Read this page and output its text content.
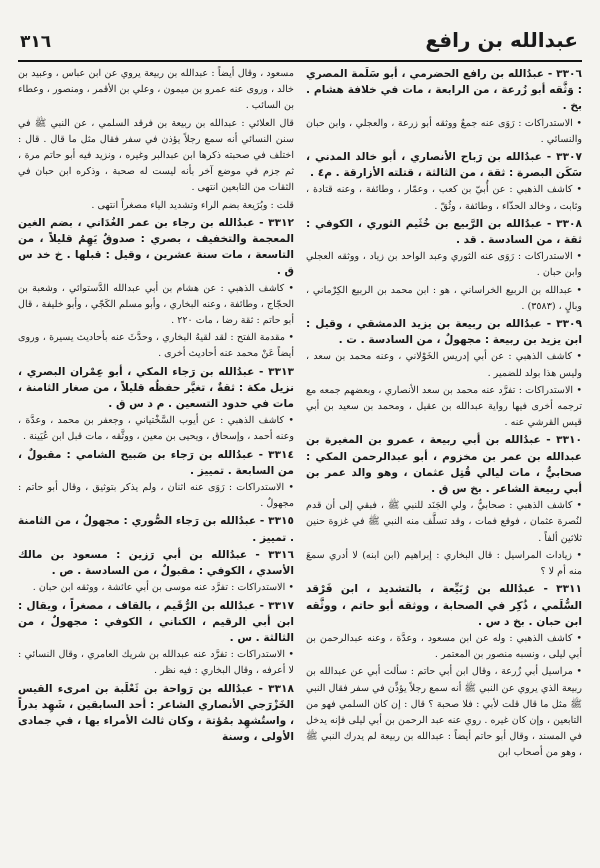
عبدالله بن رافع
٣١٦

٣٣٠٦ - عبدُالله بن رافع الحضرمي ، أبو سَلَمة المصري : وَثَّقه أبو زُرعة ، من الرابعة ، مات في خلافة هشام . بخ .

• الاستدراكات : رَوَى عنه جمعٌ ووثقه أبو زرعة ، والعجلي ، وابن حبان والنسائي .

٣٣٠٧ - عبدُالله بن رَباح الأنصاري ، أبو خالد المدني ، سَكَن البصرة : ثقة ، من الثالثة ، قتلته الأزارقة . م٤ .

• كاشف الذهبي : عن أُبيّ بن كعب ، وعمّار ، وطائفة ، وعنه قتادة ، وثابت ، وخالد الحذّاء ، وطائفة ، وثُقّ .

٣٣٠٨ - عبدُالله بن الرَّبيع بن خُثَيم الثوري ، الكوفي : ثقة ، من السادسة . قد .

• الاستدراكات : رَوَى عنه الثوري وعبد الواحد بن زياد ، ووثقه العجلي وابن حبان .

• عبدالله بن الربيع الخراساني ، هو : ابن محمد بن الربيع الكِرْماني ، وبالٍ ، (٣٥٨٣) .

٣٣٠٩ - عبدُالله بن ربيعة بن يزيد الدمشقي ، وقيل : ابن يزيد بن ربيعة : مجهولٌ ، من السادسة . ت .

• كاشف الذهبي : عن أبي إدريس الخَوْلاني ، وعنه محمد بن سعد ، وليس هذا بولد للضمير .

• الاستدراكات : تفرَّد عنه محمد بن سعد الأنصاري ، وبعضهم جمعه مع ترجمه أخرى فيها رواية عبدالله بن عقيل ، ومحمد بن سعيد بن أبي قيس القرشي عنه .

٣٣١٠ - عبدُالله بن أبي ربيعة ، عمرو بن المغيرة بن عبدالله بن عمر بن مخزوم ، أبو عبدالرحمن المكي : صحابيٌّ ، مات ليالي قُتِل عثمان ، وهو والد عمر بن أبي ربيعة الشاعر . بخ س ق .

• كاشف الذهبي : صحابيٌّ ، ولي الجَنَد للنبي ﷺ ، فبقي إلى أن قدم لنُصرة عثمان ، فوقع فمات ، وقد تسلَّف منه النبي ﷺ في غزوة حنين ثلاثين ألفاً .

• زيادات المراسيل : قال البخاري : إبراهيم (ابن ابنه) لا أدري سمعَ منه أم لا ؟

٣٣١١ - عبدُالله بن رُبَيِّعة ، بالتشديد ، ابن فَرْقد السُّلَمي ، ذُكِر في الصحابة ، ووثقه أبو حاتم ، ووثَّقه ابن حبان . بخ د س .

• كاشف الذهبي : وله عن ابن مسعود ، وعدَّة ، وعنه عبدالرحمن بن أبي ليلى ، ونسبه منصور بن المعتمر .

• مراسيل أبي زُرعة ، وقال ابن أبي حاتم : سألت أبي عن عبدالله بن ربيعة الذي يروي عن النبي ﷺ أنه سمع رجلاً يؤذِّن في سفر فقال النبي ﷺ مثل ما قال قلت لأبي : فلا صحبة ؟ قال : إن كان السلمي فهو من التابعين ، وإن كان غيره . روي عنه عبد الرحمن بن أبي ليلى فإنه يدخل في المسند ، وقال أبو حاتم أيضاً : عبدالله بن ربيعة لم يدرك النبي ﷺ ، وهو من أصحاب ابن

مسعود ، وقال أيضاً : عبدالله بن ربيعة يروي عن ابن عباس ، وعبيد بن خالد ، وروى عنه عمرو بن ميمون ، وعلي بن الأقمر ، ومنصور ، وعطاء بن السائب .

قال العلائي : عبدالله بن ربيعة بن فرقد السلمي ، عن النبي ﷺ في سنن النسائي أنه سمع رجلاً يؤذن في سفر فقال مثل ما قال . قال : اختلف في صحبته ذكرها ابن عبدالبر وغيره ، ونزيد فيه أبو حاتم مرة ، ثم جزم في موضع آخر بأنه ليست له صحبة ، وذكره ابن حبان في الثقات من التابعين انتهى .

قلت : وبُرَيعة بضم الراء وتشديد الياء مصغراً انتهى .

٣٣١٢ - عبدُالله بن رجاء بن عمر الغُدَاني ، بضم الغين المعجمة والتخفيف ، بصري : صدوقٌ يَهِمُ قليلاً ، من التاسعة ، مات سنة عشرين ، وقيل : قبلها . خ خد س ق .

• كاشف الذهبي : عن هشام بن أبي عبدالله الدَّستوائي ، وشعبة بن الحجّاج ، وطائفة ، وعنه البخاري ، وأبو مسلم الكَجّي ، وأبو خليفة ، قال أبو حاتم : ثقة رضا ، مات ٢٢٠ .

• مقدمة الفتح : لقد لقيهُ البخاري ، وحدَّثَ عنه بأحاديث يسيرة ، وروى أيضاً عَنْ محمد عنه أحاديث أخرى .

٣٣١٣ - عبدُالله بن رَجاء المكي ، أبو عِمْران البصري ، نزيل مكة : ثقةٌ ، تغيَّر حفظُه قليلاً ، من صغار الثامنة ، مات في حدود التسعين . م د س ق .

• كاشف الذهبي : عن أيوب السَّخْتياني ، وجعفر بن محمد ، وعدَّة ، وعنه أحمد ، وإسحاق ، ويحيى بن معين ، ووثَّقه ، مات قبل ابن عُيَينة .

٣٣١٤ - عبدُالله بن رَجاء بن صَبيح الشامي : مقبولٌ ، من السابعة . تمييز .

• الاستدراكات : رَوَى عنه اثنان ، ولم يذكر بتوثيق ، وقال أبو حاتم : مجهولٌ .

٣٣١٥ - عبدُالله بن رَجاء الصُّوري : مجهولٌ ، من الثامنة . تمييز .

٣٣١٦ - عبدُالله بن أبي رَزين : مسعود بن مالك الأسدي ، الكوفي : مقبولٌ ، من السادسة . ص .

• الاستدراكات : تفرَّد عنه موسى بن أبي عائشة ، ووثقه ابن حبان .

٣٣١٧ - عبدُالله بن الرُّقَيم ، بالقاف ، مصغراً ، ويقال : ابن أبي الرقيم ، الكناني ، الكوفي : مجهولٌ ، من الثالثة . س .

• الاستدراكات : تفرَّد عنه عبدالله بن شريك العامري ، وقال النسائي : لا أعرفه ، وقال البخاري : فيه نظر .

٣٣١٨ - عبدُالله بن رَواحة بن ثَعْلَبة بن امرىء القيس الخَزْرَجي الأنصاري الشاعر : أحد السابقين ، شَهِد بدراً ، واستُشهِد بمُؤتة ، وكان ثالث الأمراء بها ، في جمادى الأولى ، وسنة
